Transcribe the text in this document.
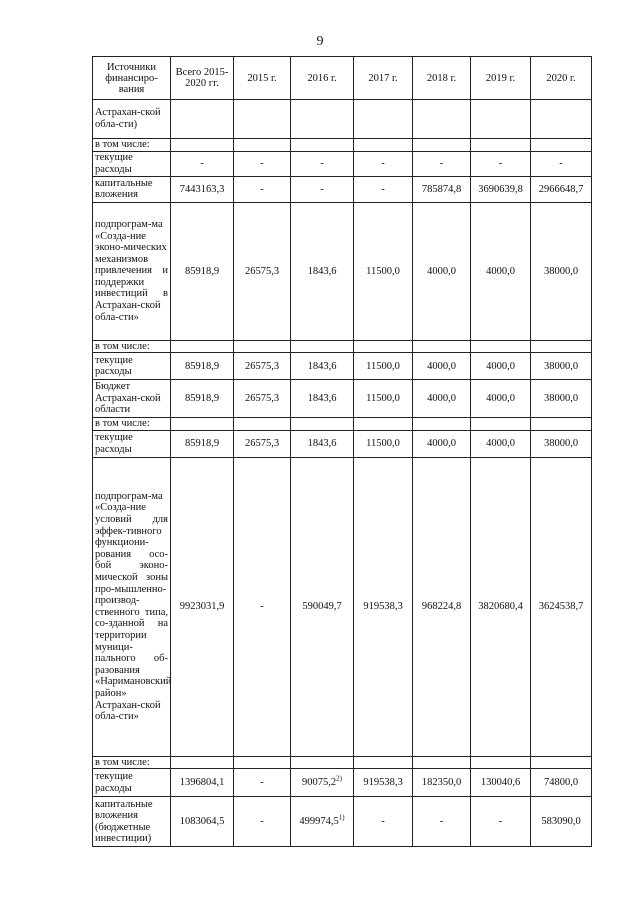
9
Источники финансиро-вания	Всего 2015-2020 гг.	2015 г.	2016 г.	2017 г.	2018 г.	2019 г.	2020 г.
Астрахан-ской обла-сти)							
в том числе:							
текущие расходы	-	-	-	-	-	-	-
капитальные вложения	7443163,3	-	-	-	785874,8	3690639,8	2966648,7
подпрограм-ма «Созда-ние эконо-мических механизмов привлечения и поддержки инвестиций в Астрахан-ской обла-сти»	85918,9	26575,3	1843,6	11500,0	4000,0	4000,0	38000,0
в том числе:							
текущие расходы	85918,9	26575,3	1843,6	11500,0	4000,0	4000,0	38000,0
Бюджет Астрахан-ской области	85918,9	26575,3	1843,6	11500,0	4000,0	4000,0	38000,0
в том числе:							
текущие расходы	85918,9	26575,3	1843,6	11500,0	4000,0	4000,0	38000,0
подпрограм-ма «Созда-ние условий для эффек-тивного функциони-рования осо-бой эконо-мической зоны про-мышленно-производ-ственного типа, со-зданной на территории муници-пального об-разования «Наримановский район» Астрахан-ской обла-сти»	9923031,9	-	590049,7	919538,3	968224,8	3820680,4	3624538,7
в том числе:							
текущие расходы	1396804,1	-	90075,2$^{2)}$	919538,3	182350,0	130040,6	74800,0
капитальные вложения (бюджетные инвестиции)	1083064,5	-	499974,5$^{1)}$	-	-	-	583090,0
